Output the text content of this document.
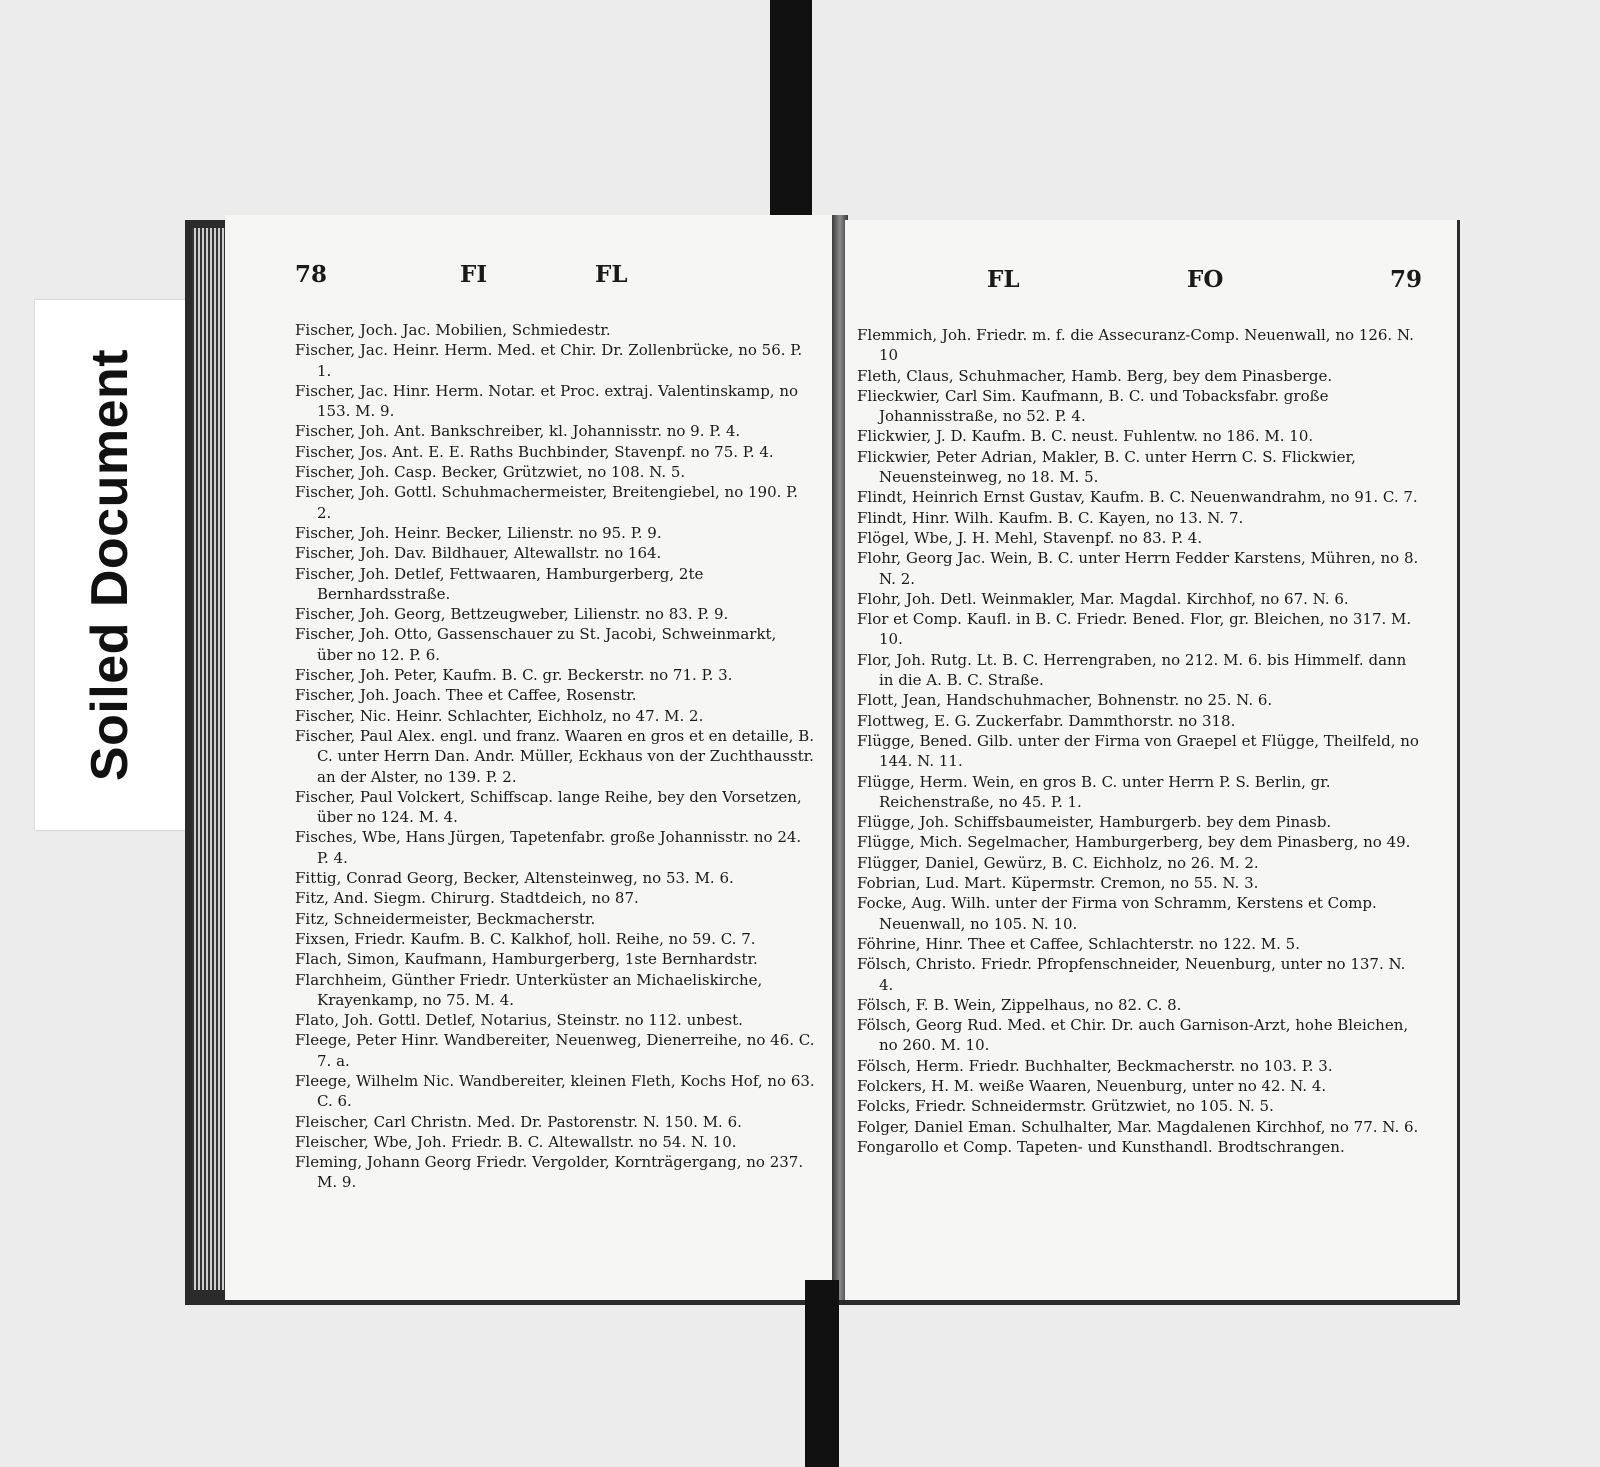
Soiled Document
78	FI	FL

Fischer, Joch. Jac. Mobilien, Schmiedestr.

Fischer, Jac. Heinr. Herm. Med. et Chir. Dr. Zollenbrücke, no 56. P. 1.

Fischer, Jac. Hinr. Herm. Notar. et Proc. extraj. Valentinskamp, no 153. M. 9.

Fischer, Joh. Ant. Bankschreiber, kl. Johannisstr. no 9. P. 4.

Fischer, Jos. Ant. E. E. Raths Buchbinder, Stavenpf. no 75. P. 4.

Fischer, Joh. Casp. Becker, Grützwiet, no 108. N. 5.

Fischer, Joh. Gottl. Schuhmachermeister, Breitengiebel, no 190. P. 2.

Fischer, Joh. Heinr. Becker, Lilienstr. no 95. P. 9.

Fischer, Joh. Dav. Bildhauer, Altewallstr. no 164.

Fischer, Joh. Detlef, Fettwaaren, Hamburgerberg, 2te Bernhardsstraße.

Fischer, Joh. Georg, Bettzeugweber, Lilienstr. no 83. P. 9.

Fischer, Joh. Otto, Gassenschauer zu St. Jacobi, Schweinmarkt, über no 12. P. 6.

Fischer, Joh. Peter, Kaufm. B. C. gr. Beckerstr. no 71. P. 3.

Fischer, Joh. Joach. Thee et Caffee, Rosenstr.

Fischer, Nic. Heinr. Schlachter, Eichholz, no 47. M. 2.

Fischer, Paul Alex. engl. und franz. Waaren en gros et en detaille, B. C. unter Herrn Dan. Andr. Müller, Eckhaus von der Zuchthausstr. an der Alster, no 139. P. 2.

Fischer, Paul Volckert, Schiffscap. lange Reihe, bey den Vorsetzen, über no 124. M. 4.

Fisches, Wbe, Hans Jürgen, Tapetenfabr. große Johannisstr. no 24. P. 4.

Fittig, Conrad Georg, Becker, Altensteinweg, no 53. M. 6.

Fitz, And. Siegm. Chirurg. Stadtdeich, no 87.

Fitz, Schneidermeister, Beckmacherstr.

Fixsen, Friedr. Kaufm. B. C. Kalkhof, holl. Reihe, no 59. C. 7.

Flach, Simon, Kaufmann, Hamburgerberg, 1ste Bernhardstr.

Flarchheim, Günther Friedr. Unterküster an Michaeliskirche, Krayenkamp, no 75. M. 4.

Flato, Joh. Gottl. Detlef, Notarius, Steinstr. no 112. unbest.

Fleege, Peter Hinr. Wandbereiter, Neuenweg, Dienerreihe, no 46. C. 7. a.

Fleege, Wilhelm Nic. Wandbereiter, kleinen Fleth, Kochs Hof, no 63. C. 6.

Fleischer, Carl Christn. Med. Dr. Pastorenstr. N. 150. M. 6.

Fleischer, Wbe, Joh. Friedr. B. C. Altewallstr. no 54. N. 10.

Fleming, Johann Georg Friedr. Vergolder, Kornträgergang, no 237. M. 9.

FL	FO	79

Flemmich, Joh. Friedr. m. f. die Assecuranz-Comp. Neuenwall, no 126. N. 10

Fleth, Claus, Schuhmacher, Hamb. Berg, bey dem Pinasberge.

Flieckwier, Carl Sim. Kaufmann, B. C. und Tobacksfabr. große Johannisstraße, no 52. P. 4.

Flickwier, J. D. Kaufm. B. C. neust. Fuhlentw. no 186. M. 10.

Flickwier, Peter Adrian, Makler, B. C. unter Herrn C. S. Flickwier, Neuensteinweg, no 18. M. 5.

Flindt, Heinrich Ernst Gustav, Kaufm. B. C. Neuenwandrahm, no 91. C. 7.

Flindt, Hinr. Wilh. Kaufm. B. C. Kayen, no 13. N. 7.

Flögel, Wbe, J. H. Mehl, Stavenpf. no 83. P. 4.

Flohr, Georg Jac. Wein, B. C. unter Herrn Fedder Karstens, Mühren, no 8. N. 2.

Flohr, Joh. Detl. Weinmakler, Mar. Magdal. Kirchhof, no 67. N. 6.

Flor et Comp. Kaufl. in B. C. Friedr. Bened. Flor, gr. Bleichen, no 317. M. 10.

Flor, Joh. Rutg. Lt. B. C. Herrengraben, no 212. M. 6. bis Himmelf. dann in die A. B. C. Straße.

Flott, Jean, Handschuhmacher, Bohnenstr. no 25. N. 6.

Flottweg, E. G. Zuckerfabr. Dammthorstr. no 318.

Flügge, Bened. Gilb. unter der Firma von Graepel et Flügge, Theilfeld, no 144. N. 11.

Flügge, Herm. Wein, en gros B. C. unter Herrn P. S. Berlin, gr. Reichenstraße, no 45. P. 1.

Flügge, Joh. Schiffsbaumeister, Hamburgerb. bey dem Pinasb.

Flügge, Mich. Segelmacher, Hamburgerberg, bey dem Pinasberg, no 49.

Flügger, Daniel, Gewürz, B. C. Eichholz, no 26. M. 2.

Fobrian, Lud. Mart. Küpermstr. Cremon, no 55. N. 3.

Focke, Aug. Wilh. unter der Firma von Schramm, Kerstens et Comp. Neuenwall, no 105. N. 10.

Föhrine, Hinr. Thee et Caffee, Schlachterstr. no 122. M. 5.

Fölsch, Christo. Friedr. Pfropfenschneider, Neuenburg, unter no 137. N. 4.

Fölsch, F. B. Wein, Zippelhaus, no 82. C. 8.

Fölsch, Georg Rud. Med. et Chir. Dr. auch Garnison-Arzt, hohe Bleichen, no 260. M. 10.

Fölsch, Herm. Friedr. Buchhalter, Beckmacherstr. no 103. P. 3.

Folckers, H. M. weiße Waaren, Neuenburg, unter no 42. N. 4.

Folcks, Friedr. Schneidermstr. Grützwiet, no 105. N. 5.

Folger, Daniel Eman. Schulhalter, Mar. Magdalenen Kirchhof, no 77. N. 6.

Fongarollo et Comp. Tapeten- und Kunsthandl. Brodtschrangen.
